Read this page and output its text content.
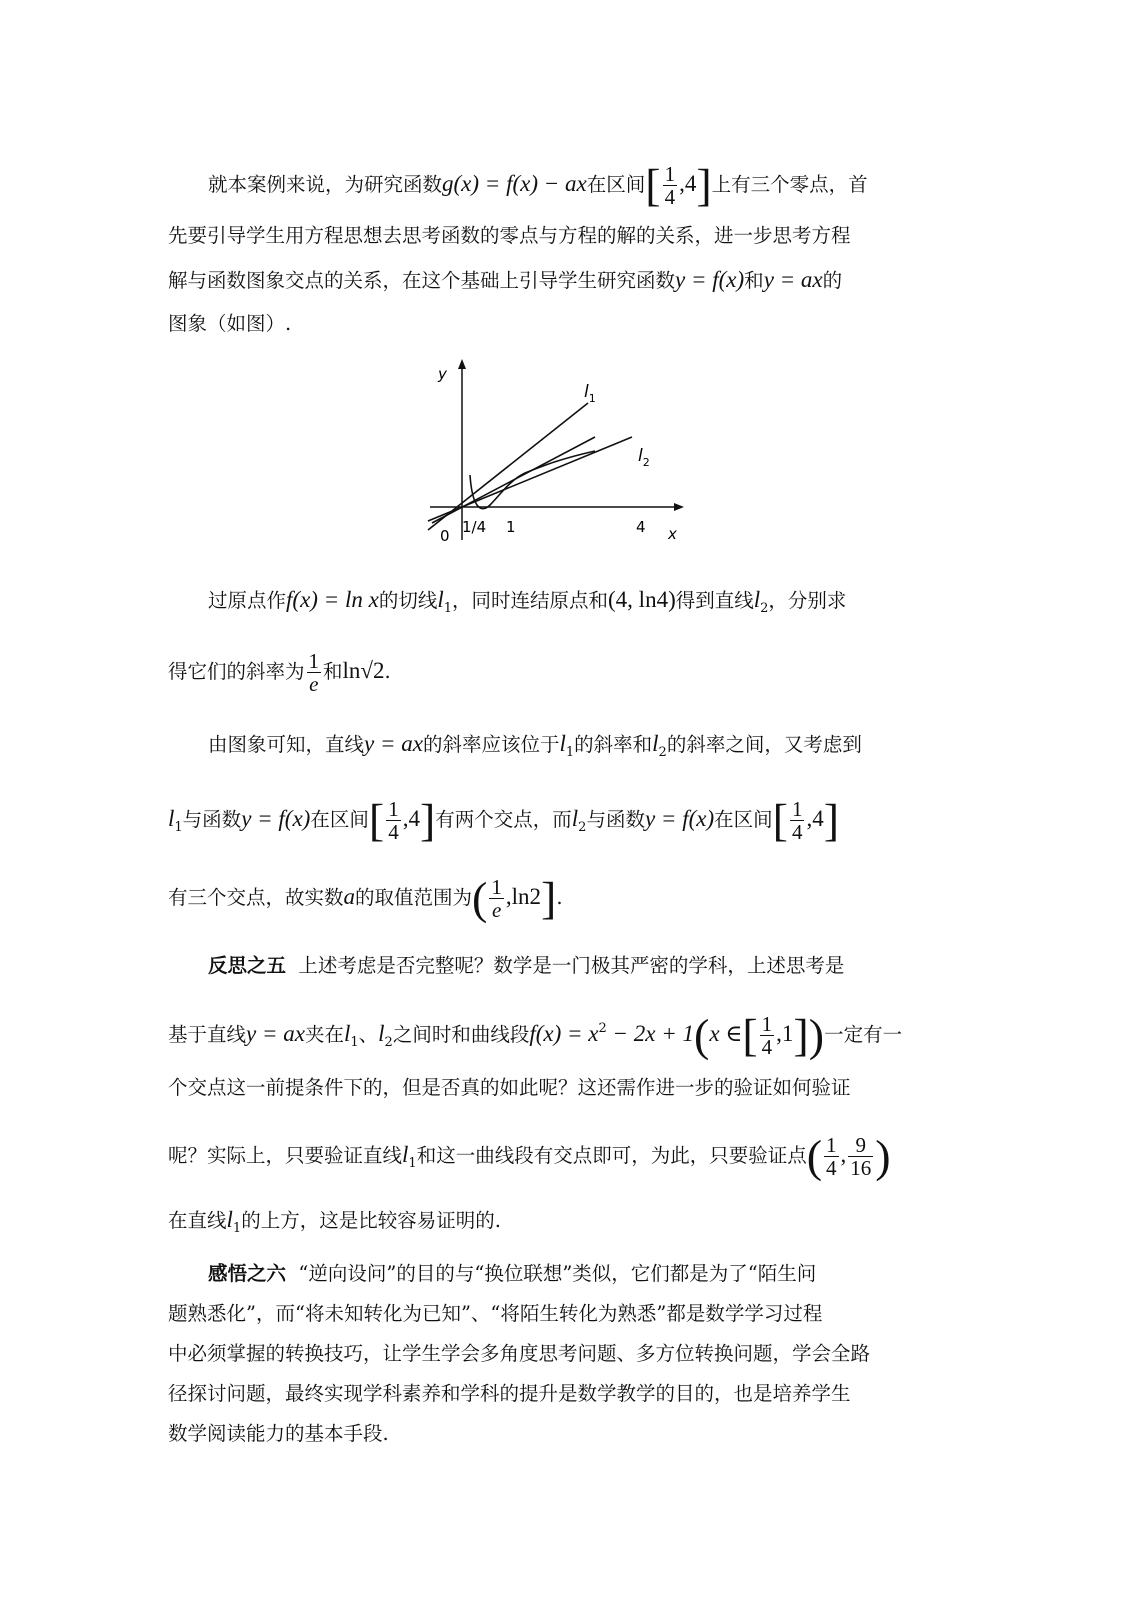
就本案例来说，为研究函数g(x) = f(x) − ax在区间[ $\frac{1}{4} ,4$]上有三个零点，首
先要引导学生用方程思想去思考函数的零点与方程的解的关系，进一步思考方程
解与函数图象交点的关系，在这个基础上引导学生研究函数y = f(x)和y = ax的
图象（如图）.
y
x
0 1/4 1	4
$l_1$
$l_2$
过原点作f(x) = ln x的切线$l_1$，同时连结原点和(4, ln4)得到直线$l_2$，分别求
得它们的斜率为 $\frac{1}{e}$ 和ln√2.
由图象可知，直线y = ax的斜率应该位于$l_1$的斜率和$l_2$的斜率之间，又考虑到
$l_1$与函数y = f(x)在区间[ $\frac{1}{4} ,4$]有两个交点，而$l_2$与函数y = f(x)在区间[ $\frac{1}{4} ,4$]
有三个交点，故实数a的取值范围为( $\frac{1}{e} ,\ln 2$].
反思之五 上述考虑是否完整呢？数学是一门极其严密的学科，上述思考是
基于直线y = ax夹在$l_1$、$l_2$之间时和曲线段$f(x) = x^2 - 2x + 1(x$ ∈[ $\frac{1}{4} ,1$])一定有一
个交点这一前提条件下的，但是否真的如此呢？这还需作进一步的验证如何验证
呢？实际上，只要验证直线$l_1$和这一曲线段有交点即可，为此，只要验证点( $\frac{1}{4}$ , $\frac{9}{16}$ )
在直线$l_1$的上方，这是比较容易证明的.
感悟之六 “逆向设问”的目的与“换位联想”类似，它们都是为了“陌生问
题熟悉化”，而“将未知转化为已知”、“将陌生转化为熟悉”都是数学学习过程
中必须掌握的转换技巧，让学生学会多角度思考问题、多方位转换问题，学会全路
径探讨问题，最终实现学科素养和学科的提升是数学教学的目的，也是培养学生
数学阅读能力的基本手段.
